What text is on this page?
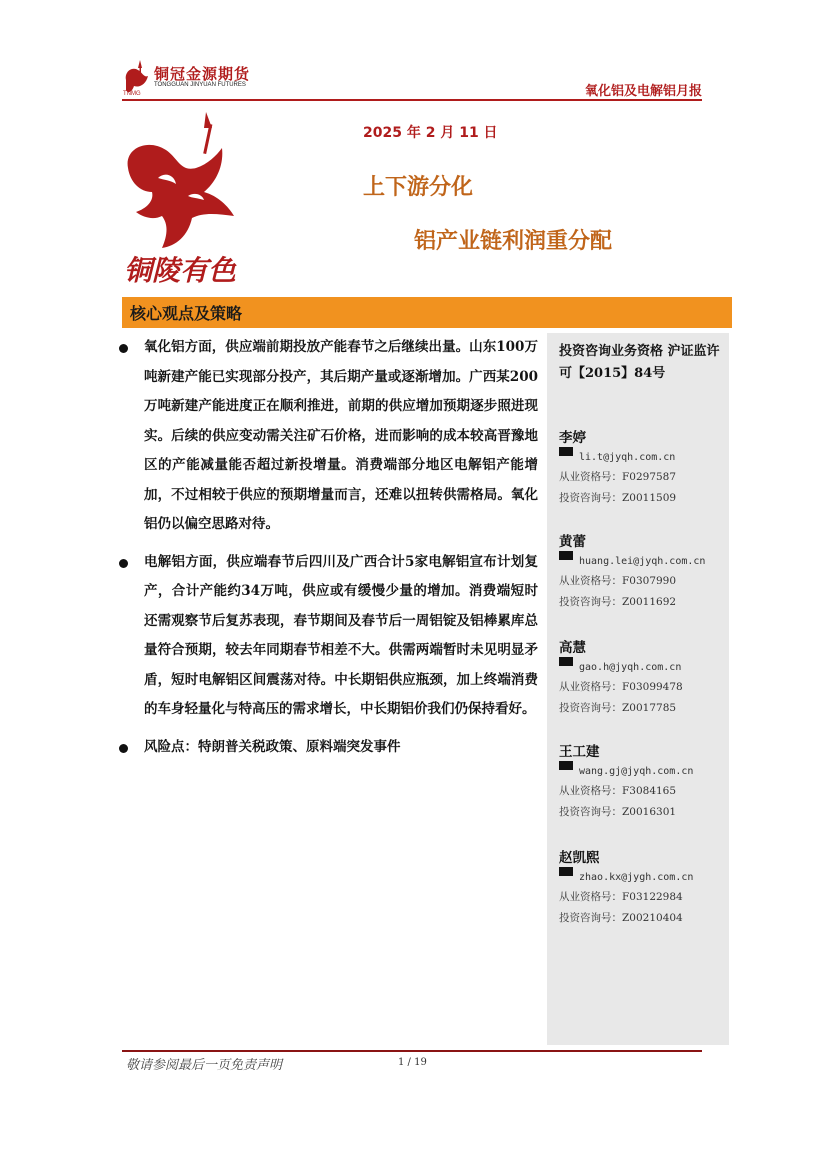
铜冠金源期货
TONGGUAN JINYUAN FUTURES
TNMG	氧化铝及电解铝月报
铜陵有色
2025 年 2 月 11 日
上下游分化
铝产业链利润重分配
核心观点及策略
氧化铝方面，供应端前期投放产能春节之后继续出量。山东100万吨新建产能已实现部分投产，其后期产量或逐渐增加。广西某200万吨新建产能进度正在顺利推进，前期的供应增加预期逐步照进现实。后续的供应变动需关注矿石价格，进而影响的成本较高晋豫地区的产能减量能否超过新投增量。消费端部分地区电解铝产能增加，不过相较于供应的预期增量而言，还难以扭转供需格局。氧化铝仍以偏空思路对待。
电解铝方面，供应端春节后四川及广西合计5家电解铝宣布计划复产，合计产能约34万吨，供应或有缓慢少量的增加。消费端短时还需观察节后复苏表现，春节期间及春节后一周铝锭及铝棒累库总量符合预期，较去年同期春节相差不大。供需两端暂时未见明显矛盾，短时电解铝区间震荡对待。中长期铝供应瓶颈，加上终端消费的车身轻量化与特高压的需求增长，中长期铝价我们仍保持看好。
风险点：特朗普关税政策、原料端突发事件
投资咨询业务资格 沪证监许可【2015】84号
李婷
li.t@jyqh.com.cn
从业资格号：F0297587
投资咨询号：Z0011509
黄蕾
huang.lei@jyqh.com.cn
从业资格号：F0307990
投资咨询号：Z0011692
高慧
gao.h@jyqh.com.cn
从业资格号：F03099478
投资咨询号：Z0017785
王工建
wang.gj@jyqh.com.cn
从业资格号：F3084165
投资咨询号：Z0016301
赵凯熙
zhao.kx@jygh.com.cn
从业资格号：F03122984
投资咨询号：Z00210404
敬请参阅最后一页免责声明	1 / 19
